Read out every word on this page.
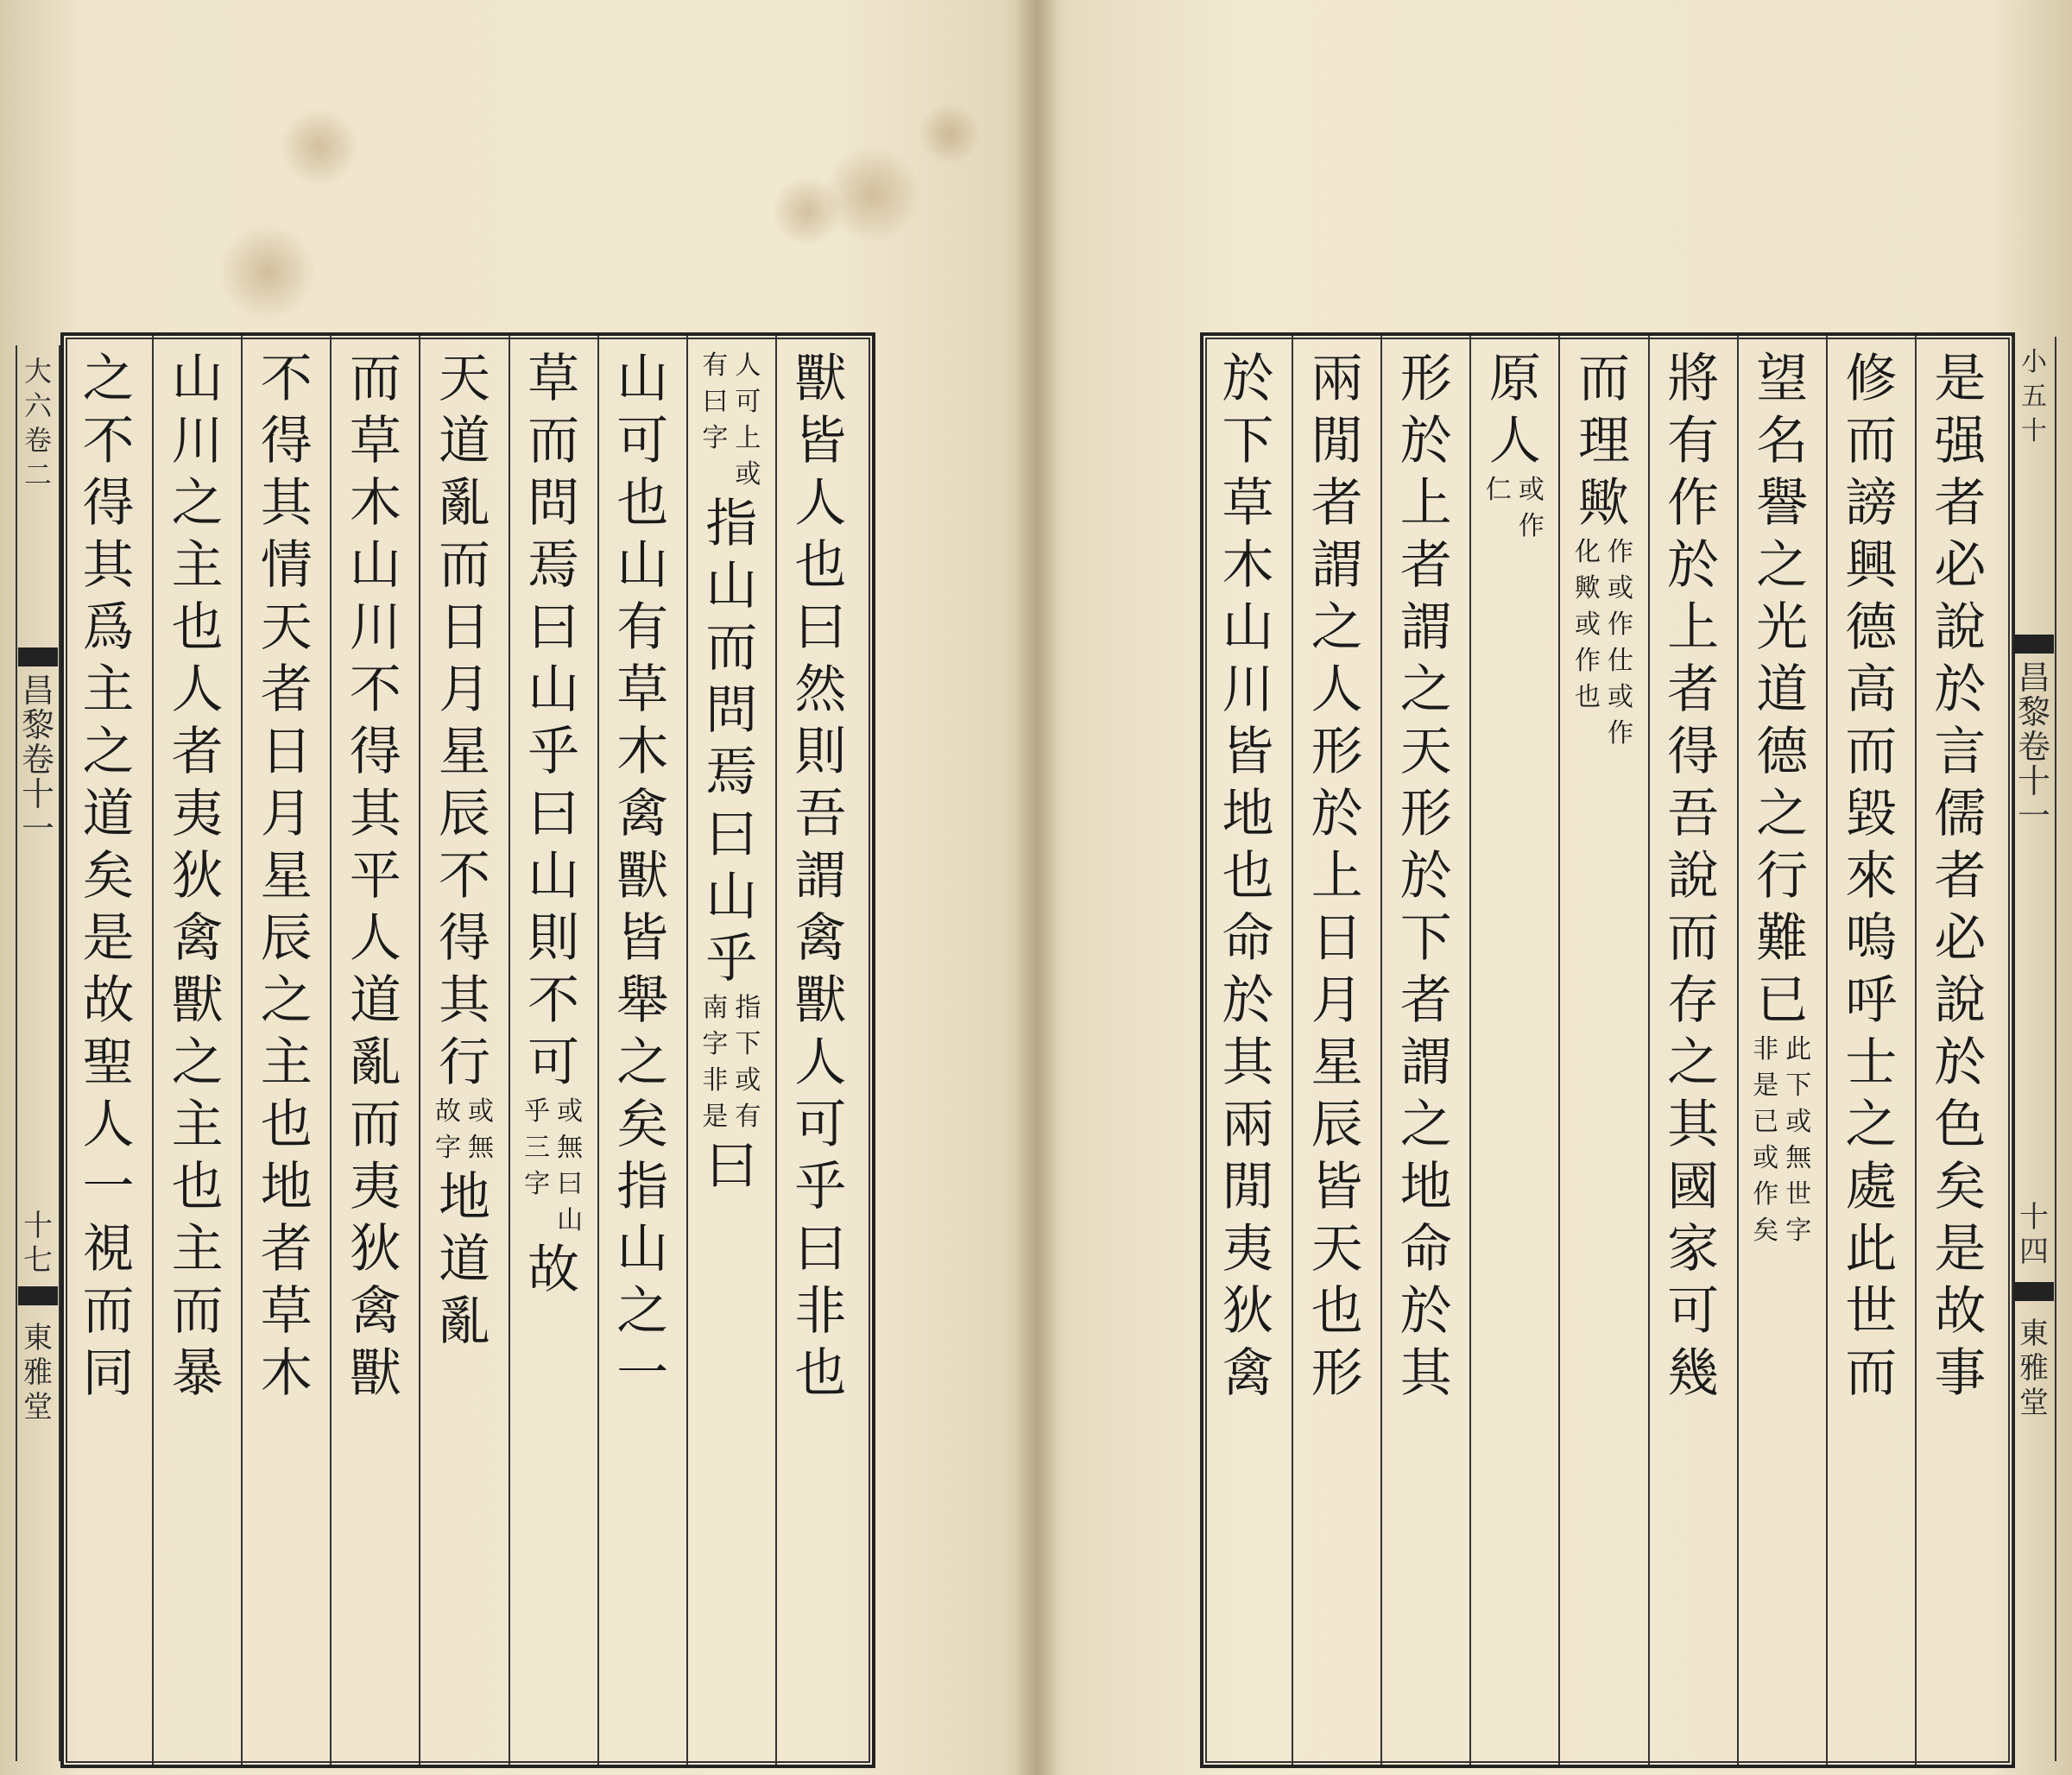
大
六
卷
二
昌
黎
卷
十
一
十
七
東
雅
堂
獸
皆
人
也
曰
然
則
吾
謂
禽
獸
人
可
乎
曰
非
也
人
可
上
或
有
曰
字
指
山
而
問
焉
曰
山
乎
指
下
或
有
南
字
非
是
曰
山
可
也
山
有
草
木
禽
獸
皆
舉
之
矣
指
山
之
一
草
而
問
焉
曰
山
乎
曰
山
則
不
可
或
無
曰
山
乎
三
字
故
天
道
亂
而
日
月
星
辰
不
得
其
行
或
無
故
字
地
道
亂
而
草
木
山
川
不
得
其
平
人
道
亂
而
夷
狄
禽
獸
不
得
其
情
天
者
日
月
星
辰
之
主
也
地
者
草
木
山
川
之
主
也
人
者
夷
狄
禽
獸
之
主
也
主
而
暴
之
不
得
其
爲
主
之
道
矣
是
故
聖
人
一
視
而
同
是
强
者
必
說
於
言
儒
者
必
說
於
色
矣
是
故
事
修
而
謗
興
德
高
而
毀
來
嗚
呼
士
之
處
此
世
而
望
名
譽
之
光
道
德
之
行
難
已
此
下
或
無
世
字
非
是
已
或
作
矣
將
有
作
於
上
者
得
吾
說
而
存
之
其
國
家
可
幾
而
理
歟
作
或
作
仕
或
作
化
歟
或
作
也
原
人
或
作
仁
形
於
上
者
謂
之
天
形
於
下
者
謂
之
地
命
於
其
兩
閒
者
謂
之
人
形
於
上
日
月
星
辰
皆
天
也
形
於
下
草
木
山
川
皆
地
也
命
於
其
兩
閒
夷
狄
禽
小
五
十
昌
黎
卷
十
一
十
四
東
雅
堂
